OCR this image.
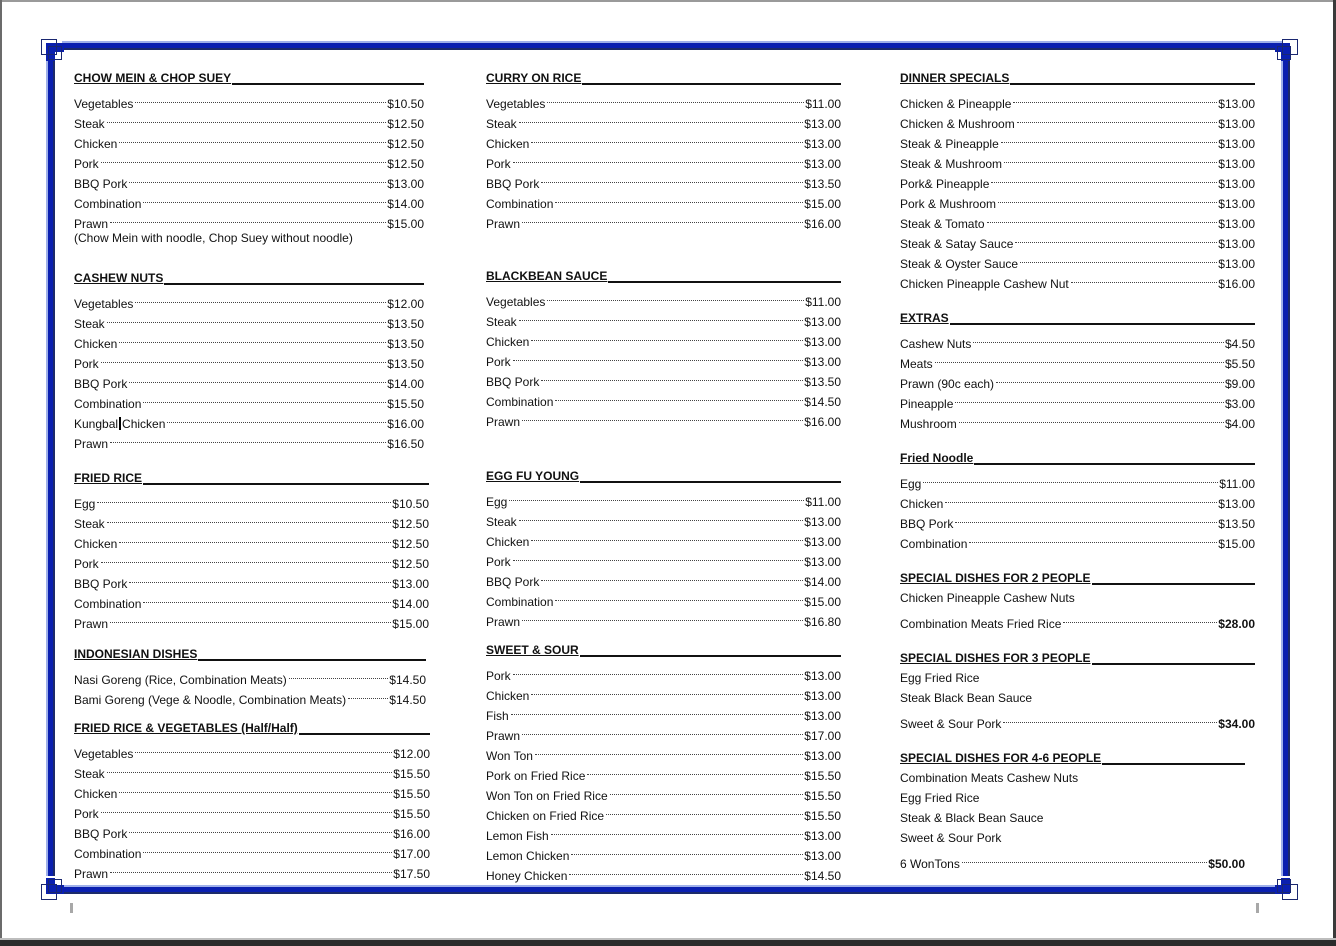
CHOW MEIN & CHOP SUEY
Vegetables	$10.50
Steak	$12.50
Chicken	$12.50
Pork	$12.50
BBQ Pork	$13.00
Combination	$14.00
Prawn	$15.00
(Chow Mein with noodle, Chop Suey without noodle)
CASHEW NUTS
Vegetables	$12.00
Steak	$13.50
Chicken	$13.50
Pork	$13.50
BBQ Pork	$14.00
Combination	$15.50
Kungbal Chicken	$16.00
Prawn	$16.50
FRIED RICE
Egg	$10.50
Steak	$12.50
Chicken	$12.50
Pork	$12.50
BBQ Pork	$13.00
Combination	$14.00
Prawn	$15.00
INDONESIAN DISHES
Nasi Goreng (Rice, Combination Meats)	$14.50
Bami Goreng (Vege & Noodle, Combination Meats)	$14.50
FRIED RICE & VEGETABLES (Half/Half)
Vegetables	$12.00
Steak	$15.50
Chicken	$15.50
Pork	$15.50
BBQ Pork	$16.00
Combination	$17.00
Prawn	$17.50
CURRY ON RICE
Vegetables	$11.00
Steak	$13.00
Chicken	$13.00
Pork	$13.00
BBQ Pork	$13.50
Combination	$15.00
Prawn	$16.00
BLACKBEAN SAUCE
Vegetables	$11.00
Steak	$13.00
Chicken	$13.00
Pork	$13.00
BBQ Pork	$13.50
Combination	$14.50
Prawn	$16.00
EGG FU YOUNG
Egg	$11.00
Steak	$13.00
Chicken	$13.00
Pork	$13.00
BBQ Pork	$14.00
Combination	$15.00
Prawn	$16.80
SWEET & SOUR
Pork	$13.00
Chicken	$13.00
Fish	$13.00
Prawn	$17.00
Won Ton	$13.00
Pork on Fried Rice	$15.50
Won Ton on Fried Rice	$15.50
Chicken on Fried Rice	$15.50
Lemon Fish	$13.00
Lemon Chicken	$13.00
Honey Chicken	$14.50
DINNER SPECIALS
Chicken & Pineapple	$13.00
Chicken & Mushroom	$13.00
Steak & Pineapple	$13.00
Steak & Mushroom	$13.00
Pork& Pineapple	$13.00
Pork & Mushroom	$13.00
Steak & Tomato	$13.00
Steak & Satay Sauce	$13.00
Steak & Oyster Sauce	$13.00
Chicken Pineapple Cashew Nut	$16.00
EXTRAS
Cashew Nuts	$4.50
Meats	$5.50
Prawn (90c each)	$9.00
Pineapple	$3.00
Mushroom	$4.00
Fried Noodle
Egg	$11.00
Chicken	$13.00
BBQ Pork	$13.50
Combination	$15.00
SPECIAL DISHES FOR 2 PEOPLE
Chicken Pineapple Cashew Nuts
Combination Meats Fried Rice	$28.00
SPECIAL DISHES FOR 3 PEOPLE
Egg Fried Rice
Steak Black Bean Sauce
Sweet & Sour Pork	$34.00
SPECIAL DISHES FOR 4-6 PEOPLE
Combination Meats Cashew Nuts
Egg Fried Rice
Steak & Black Bean Sauce
Sweet & Sour Pork
6 WonTons	$50.00
